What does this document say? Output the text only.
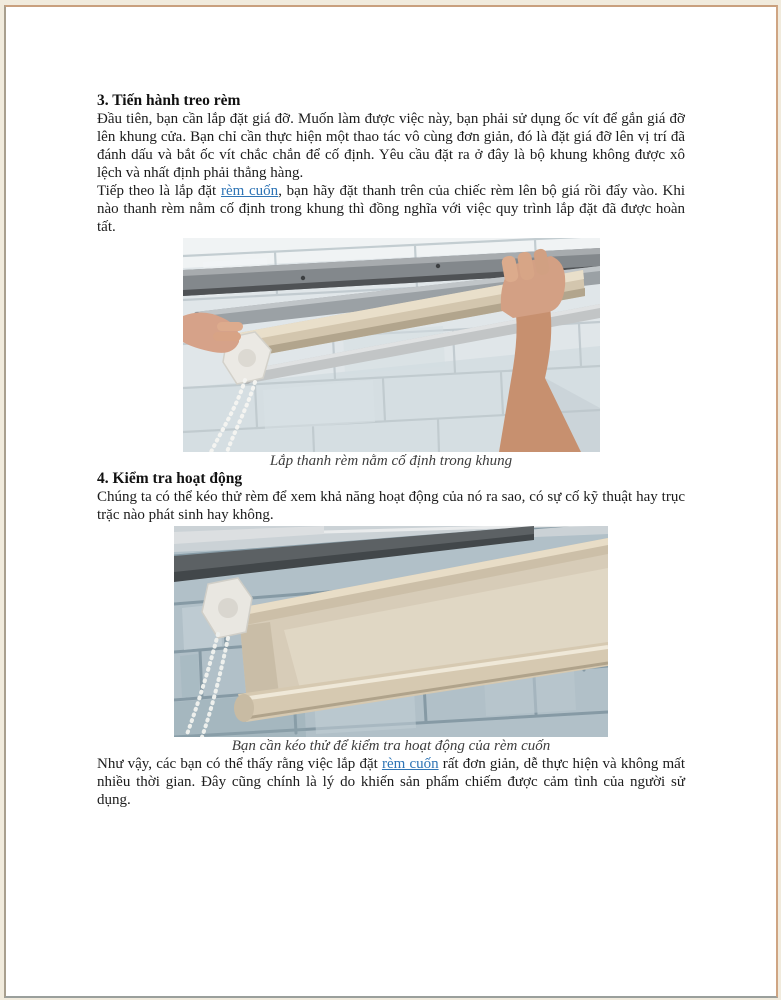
3. Tiến hành treo rèm

Đầu tiên, bạn cần lắp đặt giá đỡ. Muốn làm được việc này, bạn phải sử dụng ốc vít để gắn giá đỡ lên khung cửa. Bạn chỉ cần thực hiện một thao tác vô cùng đơn giản, đó là đặt giá đỡ lên vị trí đã đánh dấu và bắt ốc vít chắc chắn để cố định. Yêu cầu đặt ra ở đây là bộ khung không được xô lệch và nhất định phải thẳng hàng.

Tiếp theo là lắp đặt rèm cuốn, bạn hãy đặt thanh trên của chiếc rèm lên bộ giá rồi đẩy vào. Khi nào thanh rèm nằm cố định trong khung thì đồng nghĩa với việc quy trình lắp đặt đã được hoàn tất.

Lắp thanh rèm nằm cố định trong khung
4. Kiểm tra hoạt động

Chúng ta có thể kéo thử rèm để xem khả năng hoạt động của nó ra sao, có sự cố kỹ thuật hay trục trặc nào phát sinh hay không.

Bạn cần kéo thử để kiểm tra hoạt động của rèm cuốn

Như vậy, các bạn có thể thấy rằng việc lắp đặt rèm cuốn rất đơn giản, dễ thực hiện và không mất nhiều thời gian. Đây cũng chính là lý do khiến sản phẩm chiếm được cảm tình của người sử dụng.
